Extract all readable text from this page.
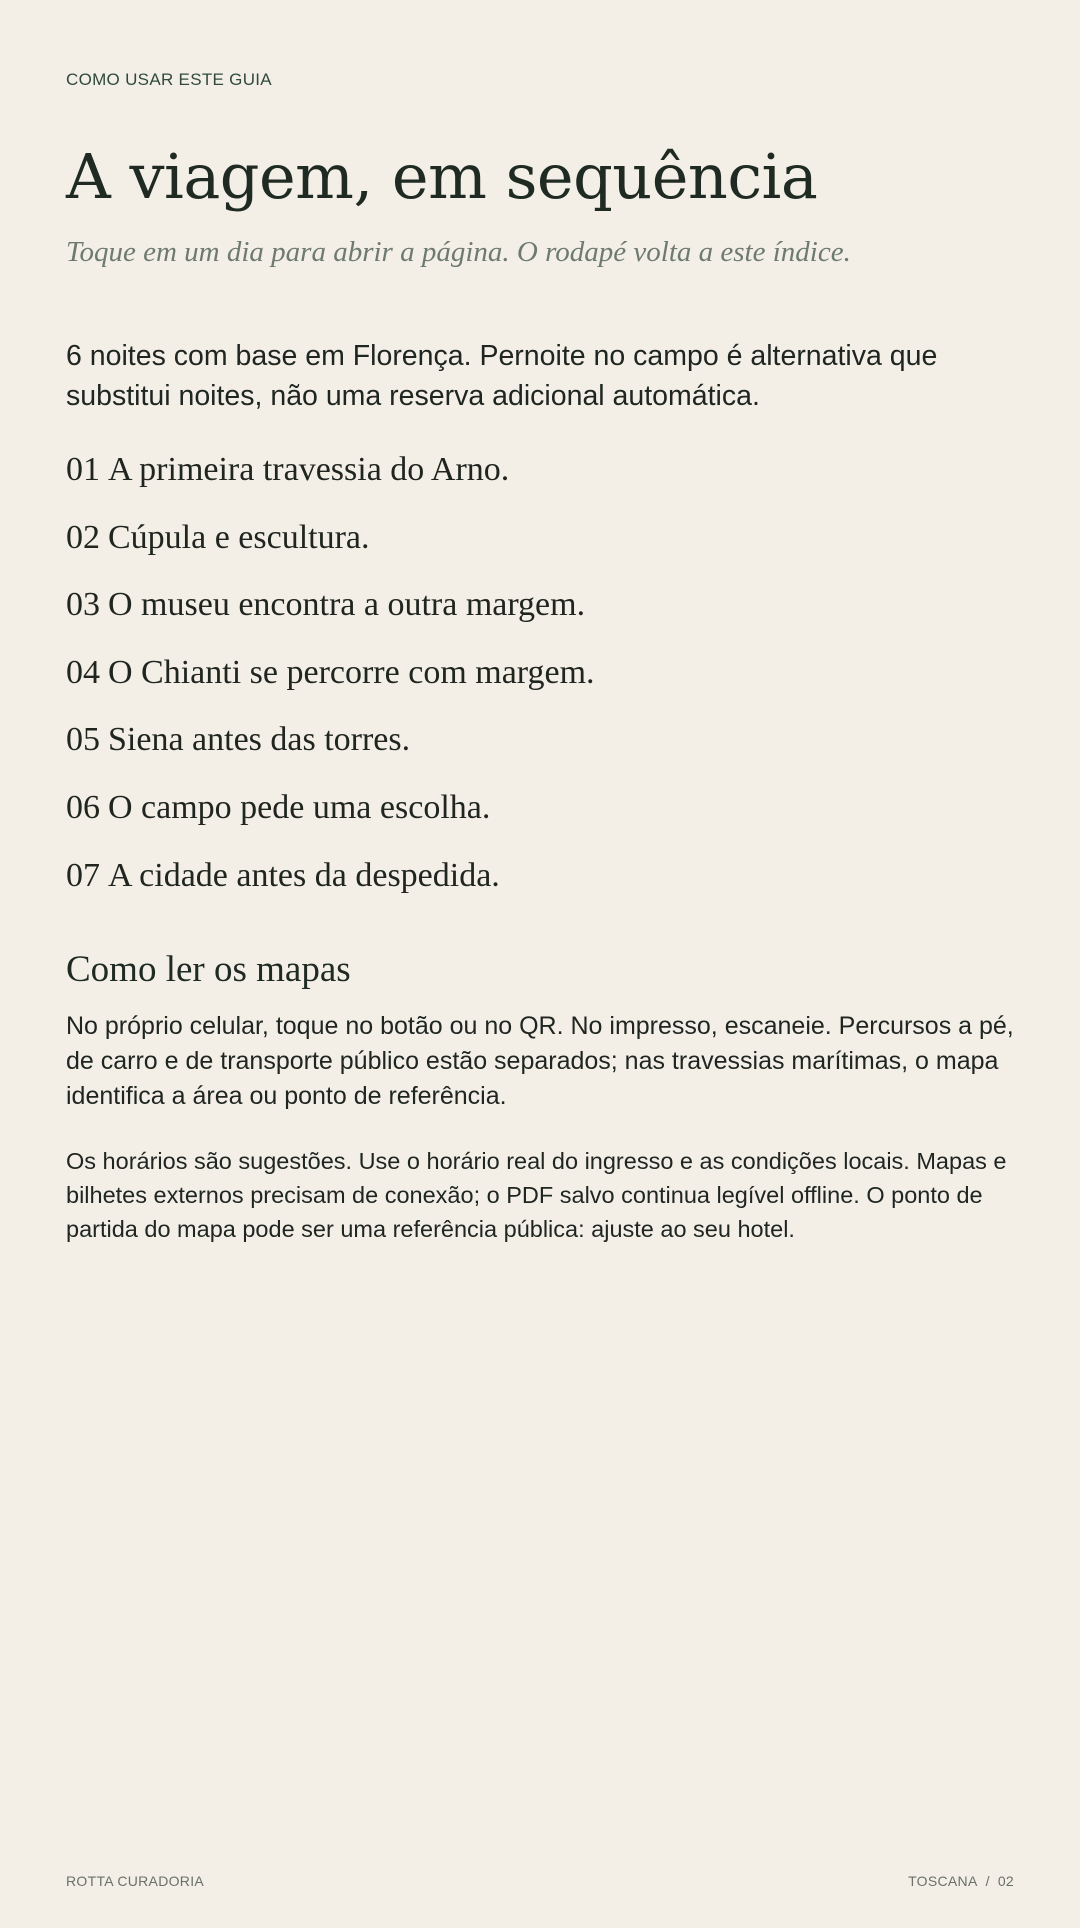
COMO USAR ESTE GUIA
A viagem, em sequência
Toque em um dia para abrir a página. O rodapé volta a este índice.

6 noites com base em Florença. Pernoite no campo é alternativa que substitui noites, não uma reserva adicional automática.

01 A primeira travessia do Arno.
02 Cúpula e escultura.
03 O museu encontra a outra margem.
04 O Chianti se percorre com margem.
05 Siena antes das torres.
06 O campo pede uma escolha.
07 A cidade antes da despedida.
Como ler os mapas

No próprio celular, toque no botão ou no QR. No impresso, escaneie. Percursos a pé, de carro e de transporte público estão separados; nas travessias marítimas, o mapa identifica a área ou ponto de referência.

Os horários são sugestões. Use o horário real do ingresso e as condições locais. Mapas e bilhetes externos precisam de conexão; o PDF salvo continua legível offline. O ponto de partida do mapa pode ser uma referência pública: ajuste ao seu hotel.

ROTTA CURADORIA	TOSCANA / 02
